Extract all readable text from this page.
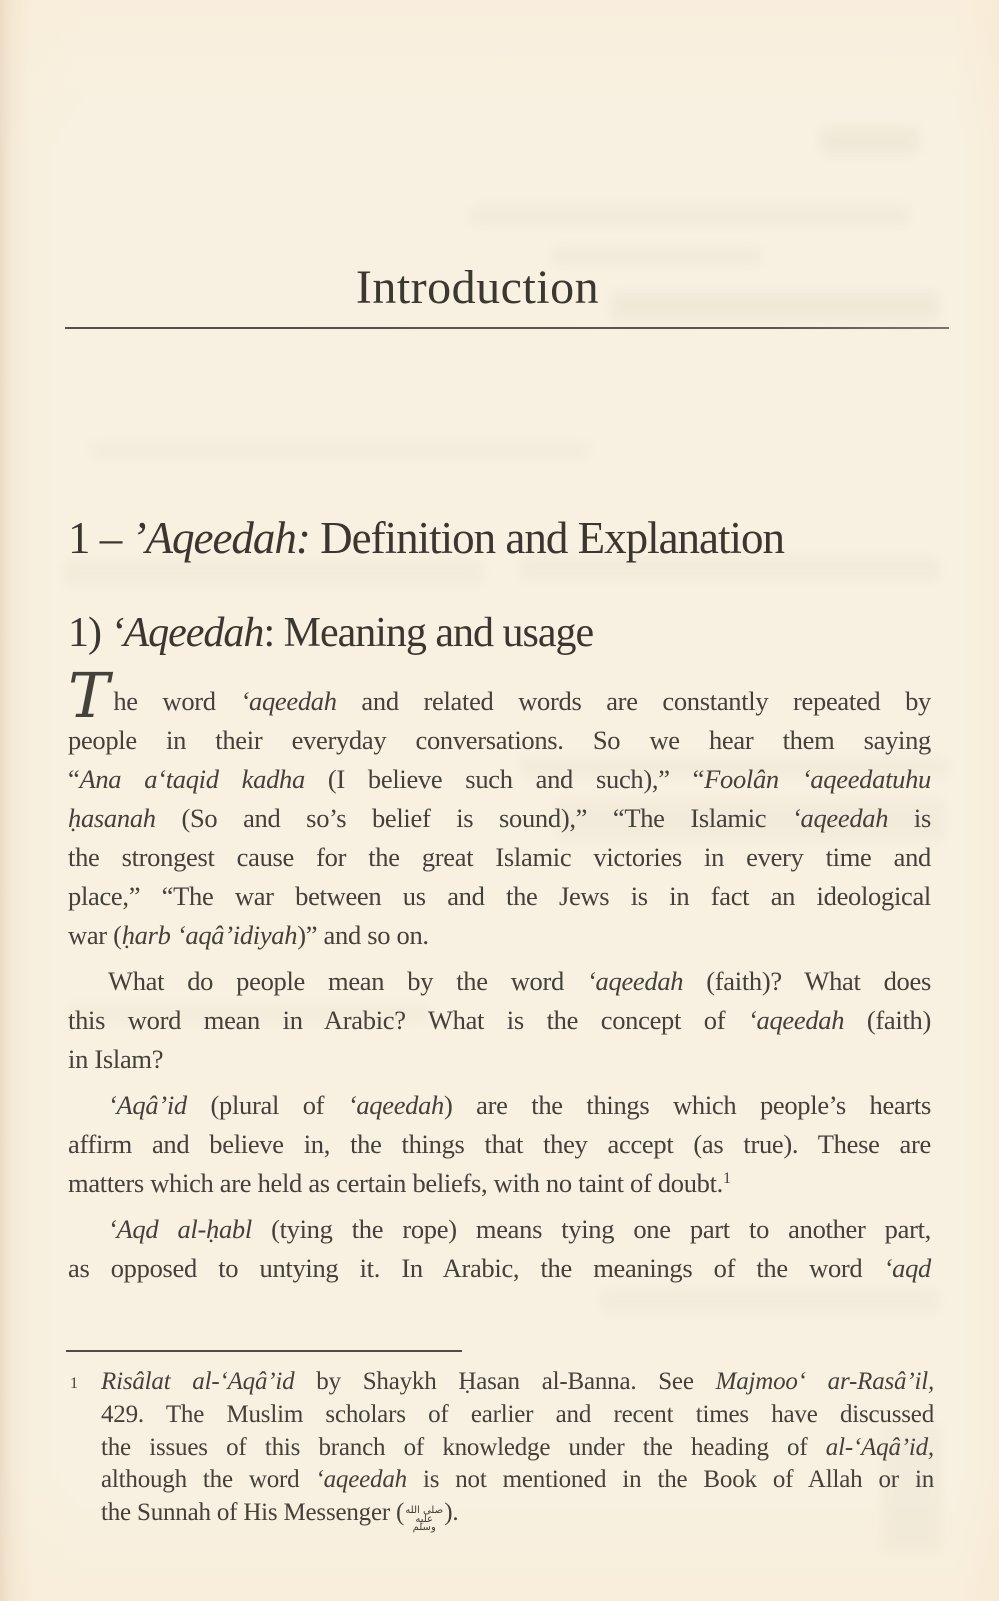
Introduction
1 – ’Aqeedah: Definition and Explanation
1) ‘Aqeedah: Meaning and usage
The word ‘aqeedah and related words are constantly repeated by
people in their everyday conversations. So we hear them saying
“Ana a‘taqid kadha (I believe such and such),” “Foolân ‘aqeedatuhu
ḥasanah (So and so’s belief is sound),” “The Islamic ‘aqeedah is
the strongest cause for the great Islamic victories in every time and
place,” “The war between us and the Jews is in fact an ideological
war (ḥarb ‘aqâ’idiyah)” and so on.
What do people mean by the word ‘aqeedah (faith)? What does
this word mean in Arabic? What is the concept of ‘aqeedah (faith)
in Islam?
‘Aqâ’id (plural of ‘aqeedah) are the things which people’s hearts
affirm and believe in, the things that they accept (as true). These are
matters which are held as certain beliefs, with no taint of doubt.$^1$
‘Aqd al-ḥabl (tying the rope) means tying one part to another part,
as opposed to untying it. In Arabic, the meanings of the word ‘aqd
1 Risâlat al-‘Aqâ’id by Shaykh Ḥasan al-Banna. See Majmoo‘ ar-Rasâ’il,
429. The Muslim scholars of earlier and recent times have discussed
the issues of this branch of knowledge under the heading of al-‘Aqâ’id,
although the word ‘aqeedah is not mentioned in the Book of Allah or in
the Sunnah of His Messenger (صلى الله عليه وسلم).
